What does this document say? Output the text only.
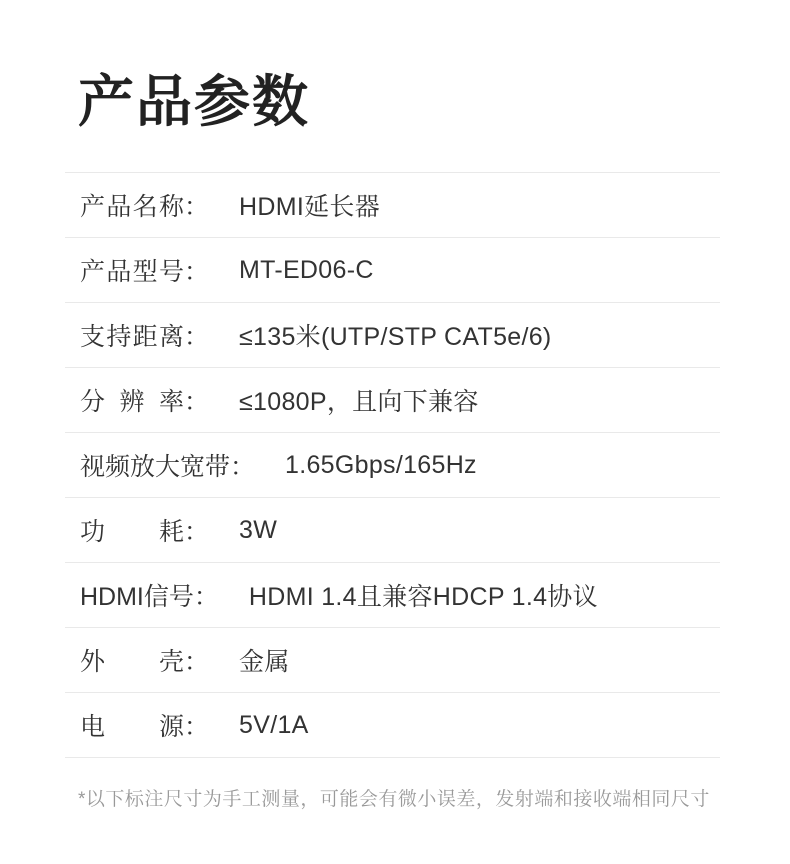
产品参数
产品名称 ： HDMI延长器
产品型号 ： MT-ED06-C
支持距离 ： ≤135米(UTP/STP CAT5e/6)
分辨率 ： ≤1080P，且向下兼容
视频放大宽带 ： 1.65Gbps/165Hz
功耗 ： 3W
HDMI信号 ： HDMI 1.4且兼容HDCP 1.4协议
外壳 ： 金属
电源 ： 5V/1A

*以下标注尺寸为手工测量，可能会有微小误差，发射端和接收端相同尺寸
